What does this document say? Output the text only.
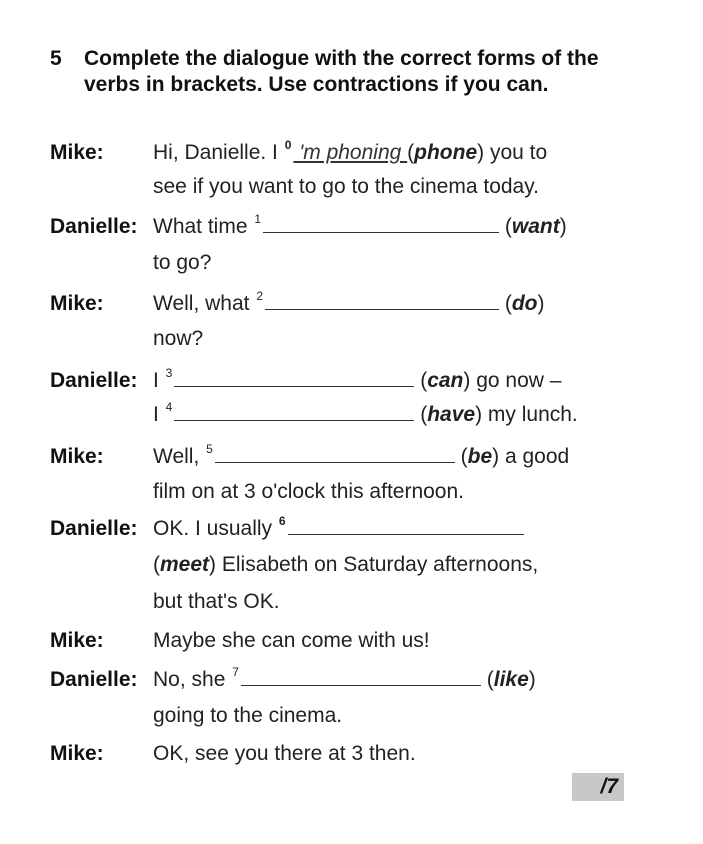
5 Complete the dialogue with the correct forms of the verbs in brackets. Use contractions if you can.
Mike: Hi, Danielle. I $^0$ 'm phoning (phone) you to
see if you want to go to the cinema today.
Danielle: What time $^1$	(want)
to go?
Mike: Well, what $^2$	(do)
now?
Danielle: I $^3$	(can) go now –
I $^4$	(have) my lunch.
Mike: Well, $^5$	(be) a good
film on at 3 o'clock this afternoon.
Danielle: OK. I usually $^6$
(meet) Elisabeth on Saturday afternoons,
but that's OK.
Mike: Maybe she can come with us!
Danielle: No, she $^7$	(like)
going to the cinema.
Mike: OK, see you there at 3 then.
/7
